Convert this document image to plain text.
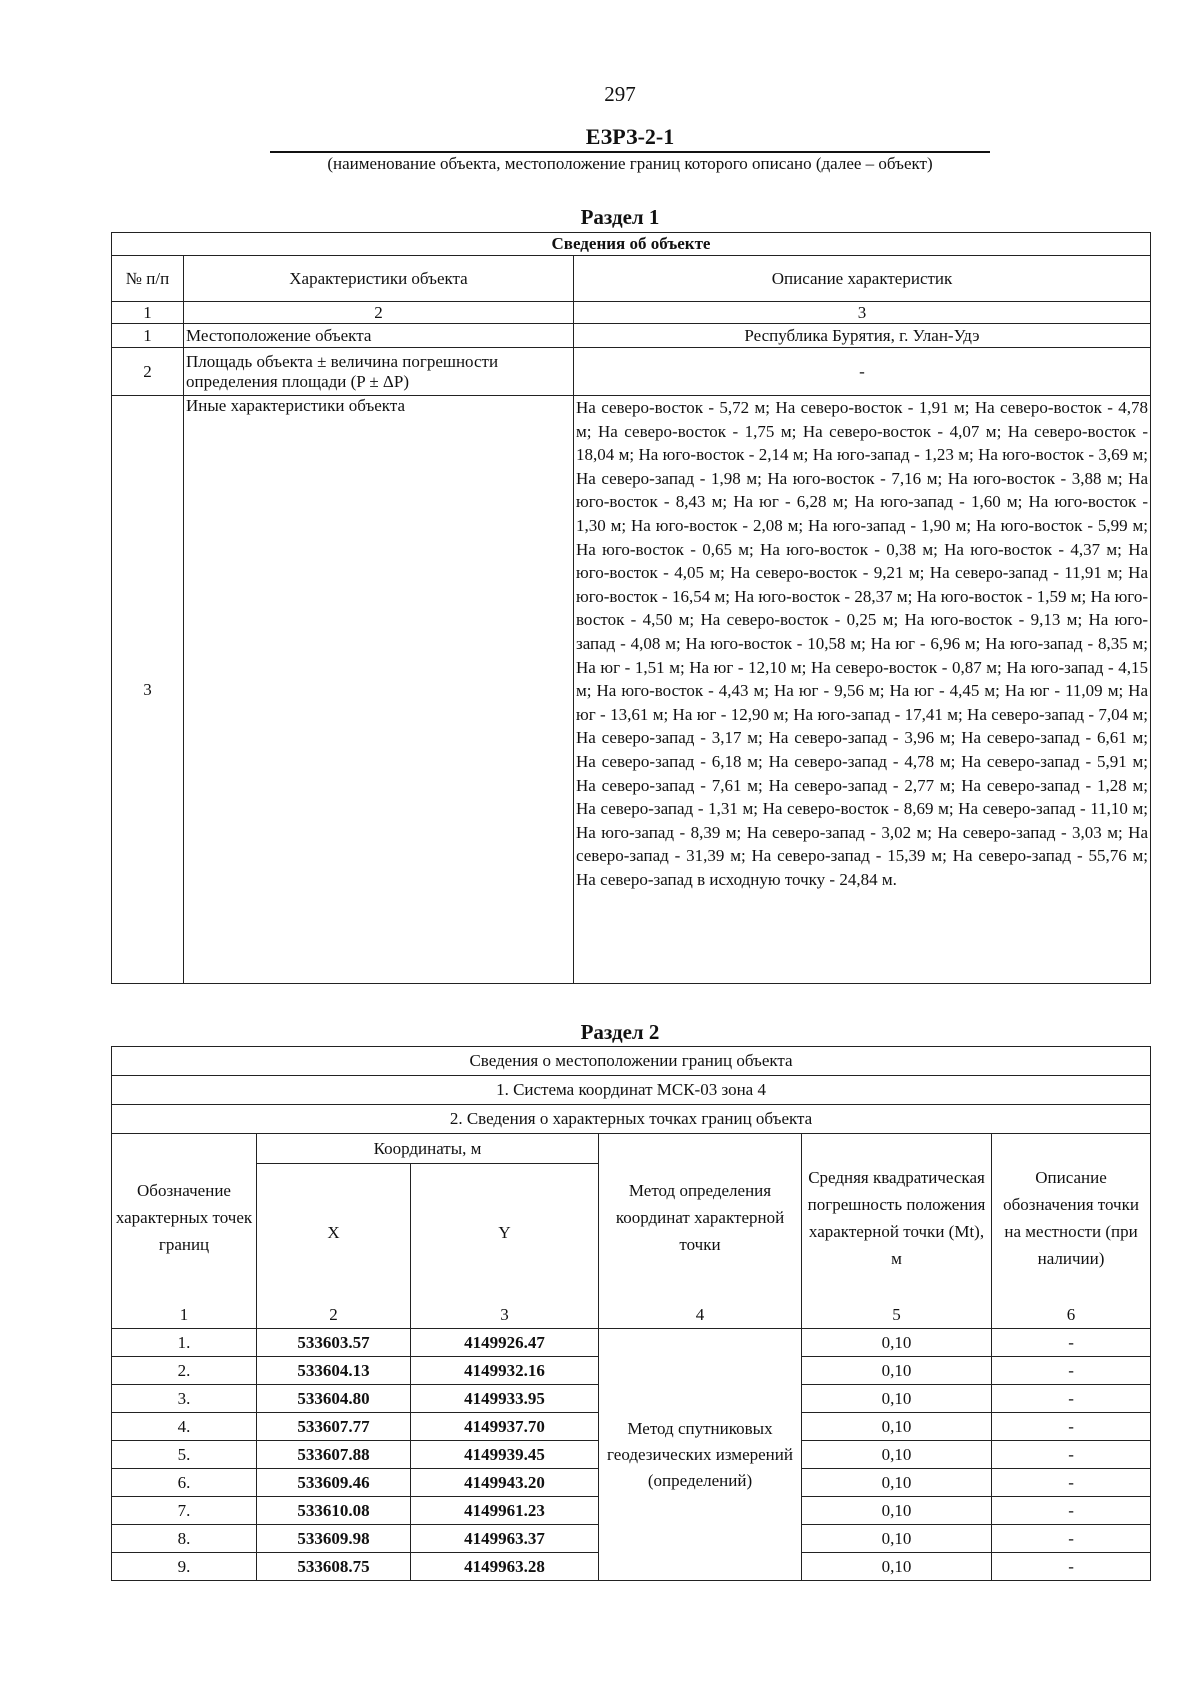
297
ЕЗРЗ-2-1
(наименование объекта, местоположение границ которого описано (далее – объект)
Раздел 1
Сведения об объекте		
№ п/п	Характеристики объекта	Описание характеристик
1	2	3
1	Местоположение объекта	Республика Бурятия, г. Улан-Удэ
2	Площадь объекта ± величина погрешности определения площади (P ± ΔP)	-
3	Иные характеристики объекта	На северо-восток - 5,72 м; На северо-восток - 1,91 м; На северо-восток - 4,78 м; На северо-восток - 1,75 м; На северо-восток - 4,07 м; На северо-восток - 18,04 м; На юго-восток - 2,14 м; На юго-запад - 1,23 м; На юго-восток - 3,69 м; На северо-запад - 1,98 м; На юго-восток - 7,16 м; На юго-восток - 3,88 м; На юго-восток - 8,43 м; На юг - 6,28 м; На юго-запад - 1,60 м; На юго-восток - 1,30 м; На юго-восток - 2,08 м; На юго-запад - 1,90 м; На юго-восток - 5,99 м; На юго-восток - 0,65 м; На юго-восток - 0,38 м; На юго-восток - 4,37 м; На юго-восток - 4,05 м; На северо-восток - 9,21 м; На северо-запад - 11,91 м; На юго-восток - 16,54 м; На юго-восток - 28,37 м; На юго-восток - 1,59 м; На юго-восток - 4,50 м; На северо-восток - 0,25 м; На юго-восток - 9,13 м; На юго-запад - 4,08 м; На юго-восток - 10,58 м; На юг - 6,96 м; На юго-запад - 8,35 м; На юг - 1,51 м; На юг - 12,10 м; На северо-восток - 0,87 м; На юго-запад - 4,15 м; На юго-восток - 4,43 м; На юг - 9,56 м; На юг - 4,45 м; На юг - 11,09 м; На юг - 13,61 м; На юг - 12,90 м; На юго-запад - 17,41 м; На северо-запад - 7,04 м; На северо-запад - 3,17 м; На северо-запад - 3,96 м; На северо-запад - 6,61 м; На северо-запад - 6,18 м; На северо-запад - 4,78 м; На северо-запад - 5,91 м; На северо-запад - 7,61 м; На северо-запад - 2,77 м; На северо-запад - 1,28 м; На северо-запад - 1,31 м; На северо-восток - 8,69 м; На северо-запад - 11,10 м; На юго-запад - 8,39 м; На северо-запад - 3,02 м; На северо-запад - 3,03 м; На северо-запад - 31,39 м; На северо-запад - 15,39 м; На северо-запад - 55,76 м; На северо-запад в исходную точку - 24,84 м.
Раздел 2
Сведения о местоположении границ объекта					
1. Система координат МСК-03 зона 4					
2. Сведения о характерных точках границ объекта					
Обозначение характерных точек границ	Координаты, м		Метод определения координат характерной точки	Средняя квадратическая погрешность положения характерной точки (Mt), м	Описание обозначения точки на местности (при наличии)
	X	Y			
1	2	3	4	5	6
1.	533603.57	4149926.47	Метод спутниковых геодезических измерений (определений)	0,10	-
2.	533604.13	4149932.16		0,10	-
3.	533604.80	4149933.95		0,10	-
4.	533607.77	4149937.70		0,10	-
5.	533607.88	4149939.45		0,10	-
6.	533609.46	4149943.20		0,10	-
7.	533610.08	4149961.23		0,10	-
8.	533609.98	4149963.37		0,10	-
9.	533608.75	4149963.28		0,10	-
